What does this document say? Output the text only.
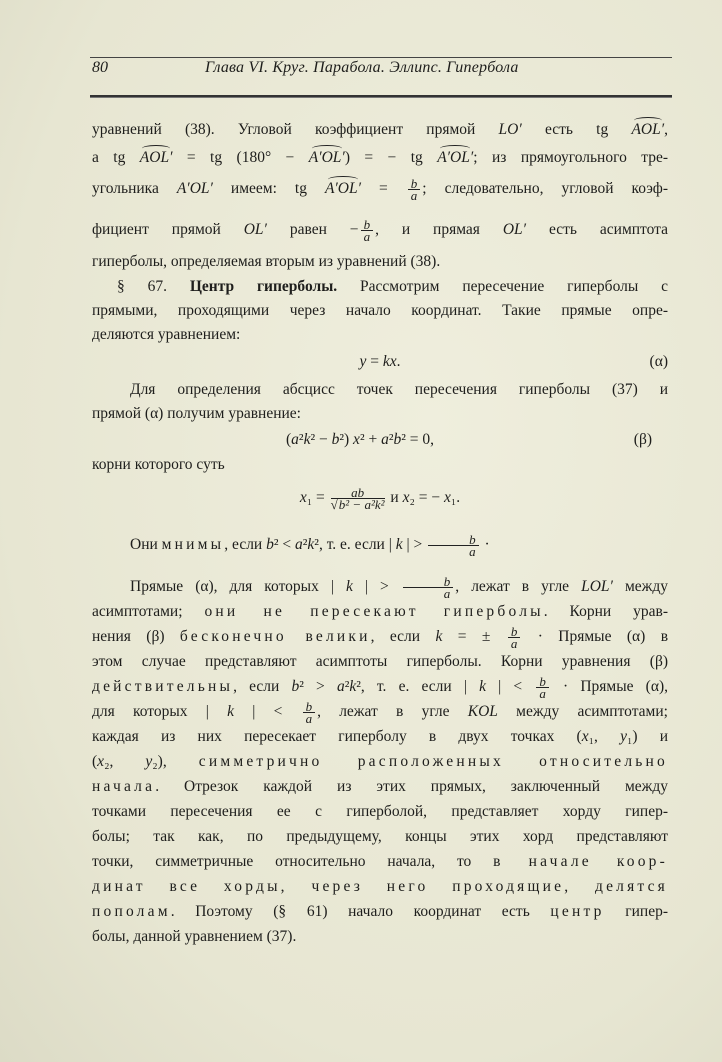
80	Глава VI. Круг. Парабола. Эллипс. Гипербола
уравнений (38). Угловой коэффициент прямой LO′ есть tg AOL′,
а tg AOL′ = tg (180° − A′OL′) = − tg A′OL′; из прямоугольного тре-
угольника A′OL′ имеем: tg $A'OL' = \frac{b}{a}$ ; следовательно, угловой коэф-
фициент прямой OL′ равен − $\frac{b}{a}$ , и прямая OL′ есть асимптота
гиперболы, определяемая вторым из уравнений (38).
§ 67. Центр гиперболы. Рассмотрим пересечение гиперболы с
прямыми, проходящими через начало координат. Такие прямые опре-
деляются уравнением:
y = kx.	(α)
Для определения абсцисс точек пересечения гиперболы (37) и
прямой (α) получим уравнение:
(a²k² − b²) x² + a²b² = 0,	(β)
корни которого суть
x₁ = ab
√ b² − a²k² и x₂ = − x₁.
Они мнимы, если b² < a²k², т. е. если | k | > $\frac{b}{a}$ ·
Прямые (α), для которых | k | > $\frac{b}{a}$ , лежат в угле LOL′ между
асимптотами; они не пересекают гиперболы. Корни урав-
нения (β) бесконечно велики, если k = ± $\frac{b}{a}$ · Прямые (α) в
этом случае представляют асимптоты гиперболы. Корни уравнения (β)
действительны, если b² > a²k², т. е. если | k | < $\frac{b}{a}$ · Прямые (α),
для которых | k | < $\frac{b}{a}$ , лежат в угле KOL между асимптотами;
каждая из них пересекает гиперболу в двух точках (x₁, y₁) и
(x₂, y₂), симметрично расположенных относительно
начала. Отрезок каждой из этих прямых, заключенный между
точками пересечения ее с гиперболой, представляет хорду гипер-
болы; так как, по предыдущему, концы этих хорд представляют
точки, симметричные относительно начала, то в начале коор-
динат все хорды, через него проходящие, делятся
пополам. Поэтому (§ 61) начало координат есть центр гипер-
болы, данной уравнением (37).
